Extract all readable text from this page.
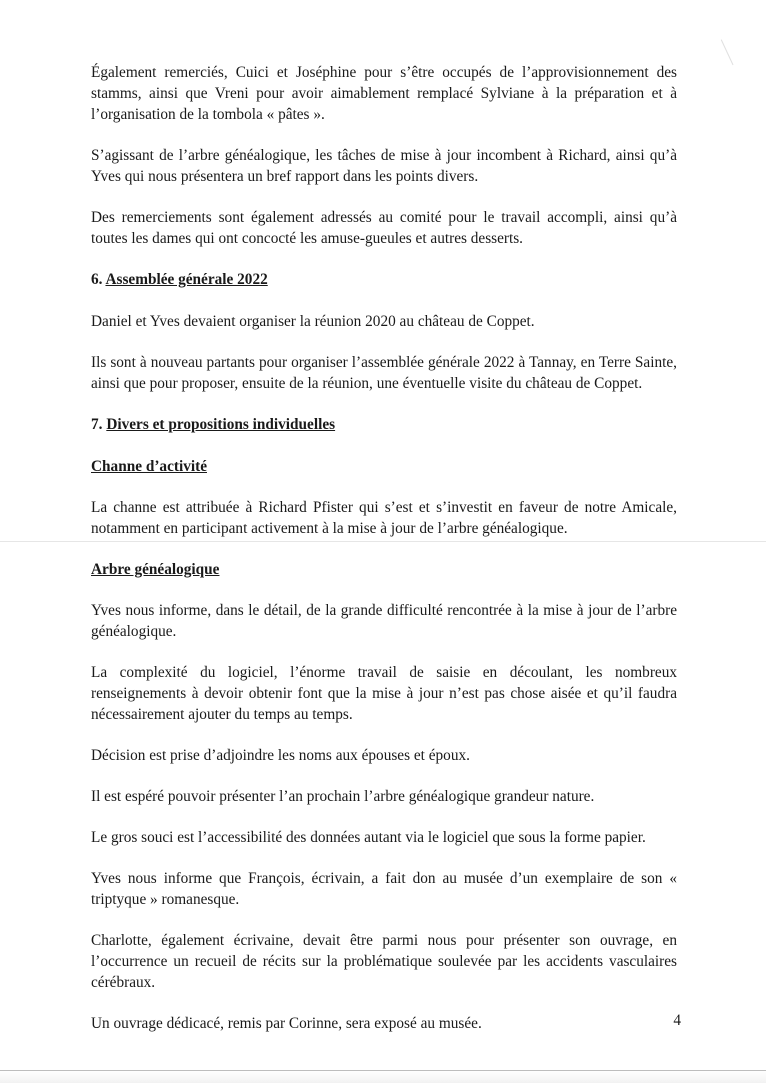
Également remerciés, Cuici et Joséphine pour s’être occupés de l’approvisionnement des stamms, ainsi que Vreni pour avoir aimablement remplacé Sylviane à la préparation et à l’organisation de la tombola « pâtes ».

S’agissant de l’arbre généalogique, les tâches de mise à jour incombent à Richard, ainsi qu’à Yves qui nous présentera un bref rapport dans les points divers.

Des remerciements sont également adressés au comité pour le travail accompli, ainsi qu’à toutes les dames qui ont concocté les amuse-gueules et autres desserts.

6. Assemblée générale 2022

Daniel et Yves devaient organiser la réunion 2020 au château de Coppet.

Ils sont à nouveau partants pour organiser l’assemblée générale 2022 à Tannay, en Terre Sainte, ainsi que pour proposer, ensuite de la réunion, une éventuelle visite du château de Coppet.

7. Divers et propositions individuelles
Channe d’activité

La channe est attribuée à Richard Pfister qui s’est et s’investit en faveur de notre Amicale, notamment en participant activement à la mise à jour de l’arbre généalogique.

Arbre généalogique

Yves nous informe, dans le détail, de la grande difficulté rencontrée à la mise à jour de l’arbre généalogique.

La complexité du logiciel, l’énorme travail de saisie en découlant, les nombreux renseignements à devoir obtenir font que la mise à jour n’est pas chose aisée et qu’il faudra nécessairement ajouter du temps au temps.

Décision est prise d’adjoindre les noms aux épouses et époux.

Il est espéré pouvoir présenter l’an prochain l’arbre généalogique grandeur nature.

Le gros souci est l’accessibilité des données autant via le logiciel que sous la forme papier.

Yves nous informe que François, écrivain, a fait don au musée d’un exemplaire de son « triptyque » romanesque.

Charlotte, également écrivaine, devait être parmi nous pour présenter son ouvrage, en l’occurrence un recueil de récits sur la problématique soulevée par les accidents vasculaires cérébraux.

Un ouvrage dédicacé, remis par Corinne, sera exposé au musée.	4
